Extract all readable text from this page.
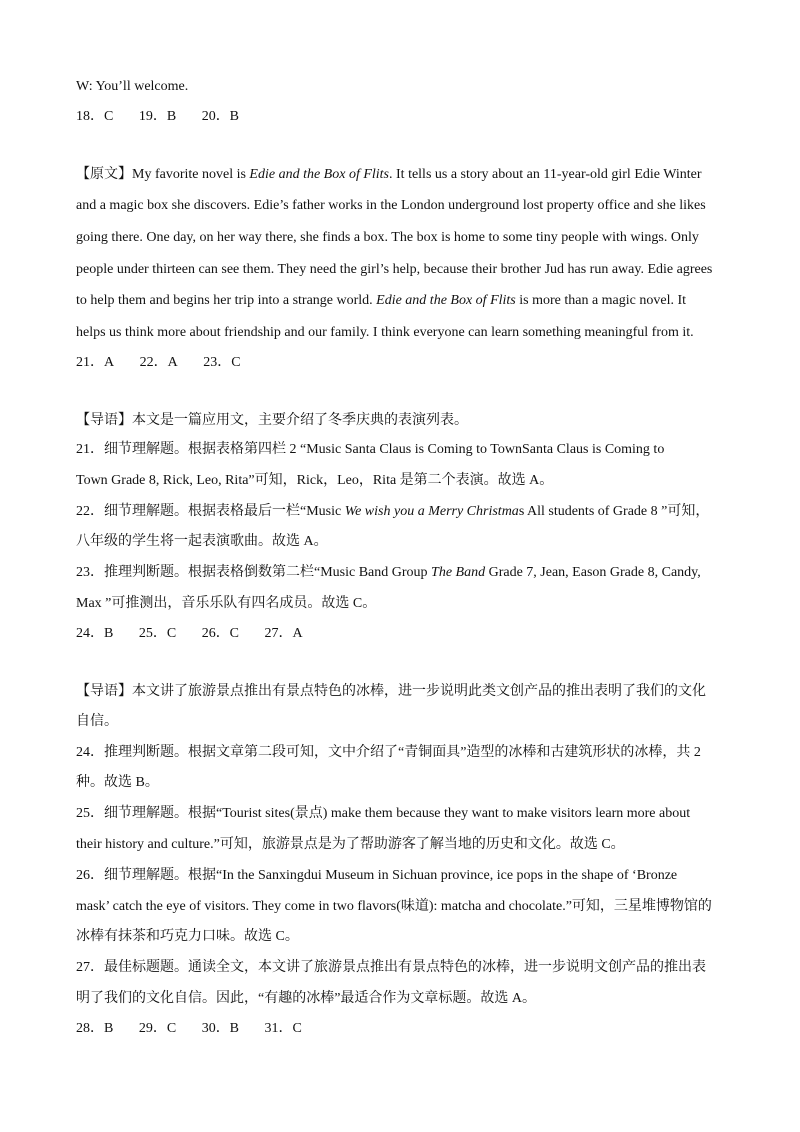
W: You’ll welcome.
18．C 19．B 20．B
【原文】My favorite novel is Edie and the Box of Flits. It tells us a story about an 11-year-old girl Edie Winter
and a magic box she discovers. Edie’s father works in the London underground lost property office and she likes
going there. One day, on her way there, she finds a box. The box is home to some tiny people with wings. Only
people under thirteen can see them. They need the girl’s help, because their brother Jud has run away. Edie agrees
to help them and begins her trip into a strange world. Edie and the Box of Flits is more than a magic novel. It
helps us think more about friendship and our family. I think everyone can learn something meaningful from it.
21．A 22．A 23．C
【导语】本文是一篇应用文，主要介绍了冬季庆典的表演列表。
21．细节理解题。根据表格第四栏 2 “Music Santa Claus is Coming to TownSanta Claus is Coming to
Town Grade 8, Rick, Leo, Rita”可知，Rick，Leo，Rita 是第二个表演。故选 A。
22．细节理解题。根据表格最后一栏“Music We wish you a Merry Christmas All students of Grade 8 ”可知，
八年级的学生将一起表演歌曲。故选 A。
23．推理判断题。根据表格倒数第二栏“Music Band Group The Band Grade 7, Jean, Eason Grade 8, Candy,
Max ”可推测出，音乐乐队有四名成员。故选 C。
24．B 25．C 26．C 27．A
【导语】本文讲了旅游景点推出有景点特色的冰棒，进一步说明此类文创产品的推出表明了我们的文化
自信。
24．推理判断题。根据文章第二段可知，文中介绍了“青铜面具”造型的冰棒和古建筑形状的冰棒，共 2
种。故选 B。
25．细节理解题。根据“Tourist sites(景点) make them because they want to make visitors learn more about
their history and culture.”可知，旅游景点是为了帮助游客了解当地的历史和文化。故选 C。
26．细节理解题。根据“In the Sanxingdui Museum in Sichuan province, ice pops in the shape of ‘Bronze
mask’ catch the eye of visitors. They come in two flavors(味道): matcha and chocolate.”可知，三星堆博物馆的
冰棒有抹茶和巧克力口味。故选 C。
27．最佳标题题。通读全文，本文讲了旅游景点推出有景点特色的冰棒，进一步说明文创产品的推出表
明了我们的文化自信。因此，“有趣的冰棒”最适合作为文章标题。故选 A。
28．B 29．C 30．B 31．C
